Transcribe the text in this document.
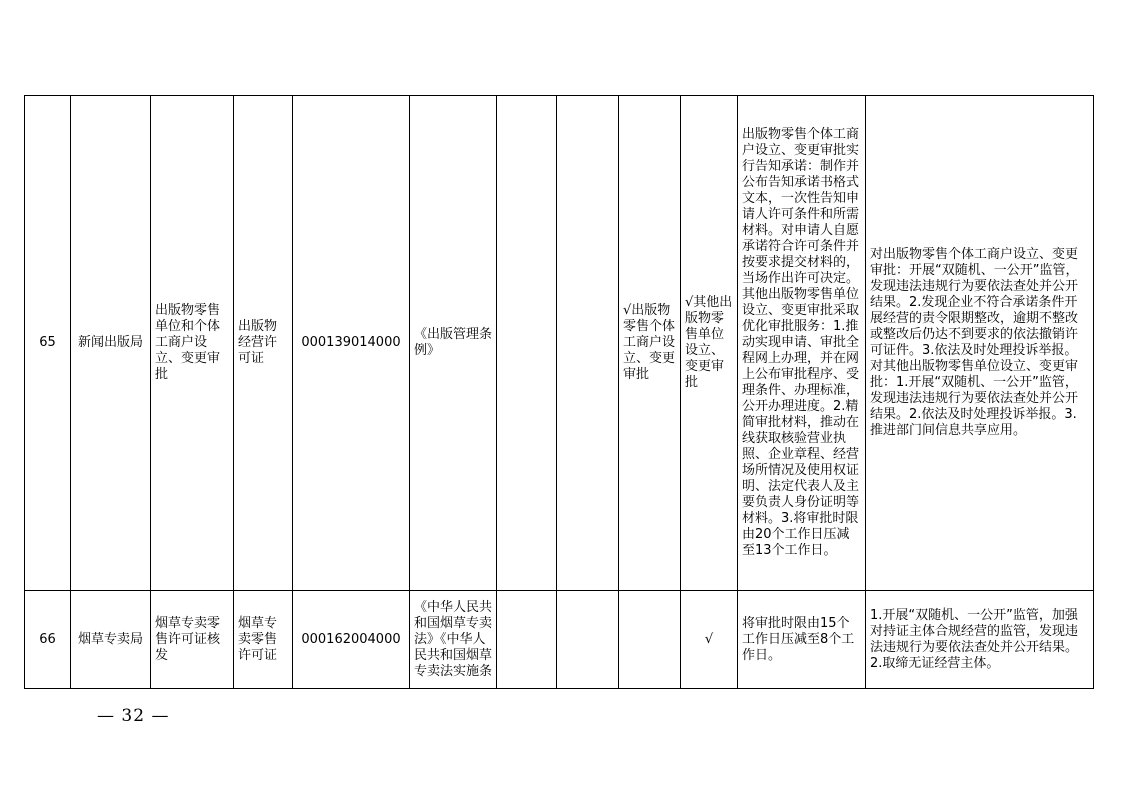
65	新闻出版局	出版物零售单位和个体工商户设立、变更审批	出版物经营许可证	000139014000	《出版管理条例》			√出版物零售个体工商户设立、变更审批	√其他出版物零售单位设立、变更审批	出版物零售个体工商户设立、变更审批实行告知承诺：制作并公布告知承诺书格式文本，一次性告知申请人许可条件和所需材料。对申请人自愿承诺符合许可条件并按要求提交材料的，当场作出许可决定。
其他出版物零售单位设立、变更审批采取优化审批服务：1.推动实现申请、审批全程网上办理，并在网上公布审批程序、受理条件、办理标准，公开办理进度。2.精简审批材料，推动在线获取核验营业执照、企业章程、经营场所情况及使用权证明、法定代表人及主要负责人身份证明等材料。3.将审批时限由20个工作日压减至13个工作日。	对出版物零售个体工商户设立、变更审批：开展“双随机、一公开”监管，发现违法违规行为要依法查处并公开结果。2.发现企业不符合承诺条件开展经营的责令限期整改，逾期不整改或整改后仍达不到要求的依法撤销许可证件。3.依法及时处理投诉举报。
对其他出版物零售单位设立、变更审批：1.开展“双随机、一公开”监管，发现违法违规行为要依法查处并公开结果。2.依法及时处理投诉举报。3.推进部门间信息共享应用。

66	烟草专卖局	烟草专卖零售许可证核发	烟草专卖零售许可证	000162004000	《中华人民共和国烟草专卖法》《中华人民共和国烟草专卖法实施条				√	将审批时限由15个工作日压减至8个工作日。	1.开展“双随机、一公开”监管，加强对持证主体合规经营的监管，发现违法违规行为要依法查处并公开结果。2.取缔无证经营主体。
— 32 —
